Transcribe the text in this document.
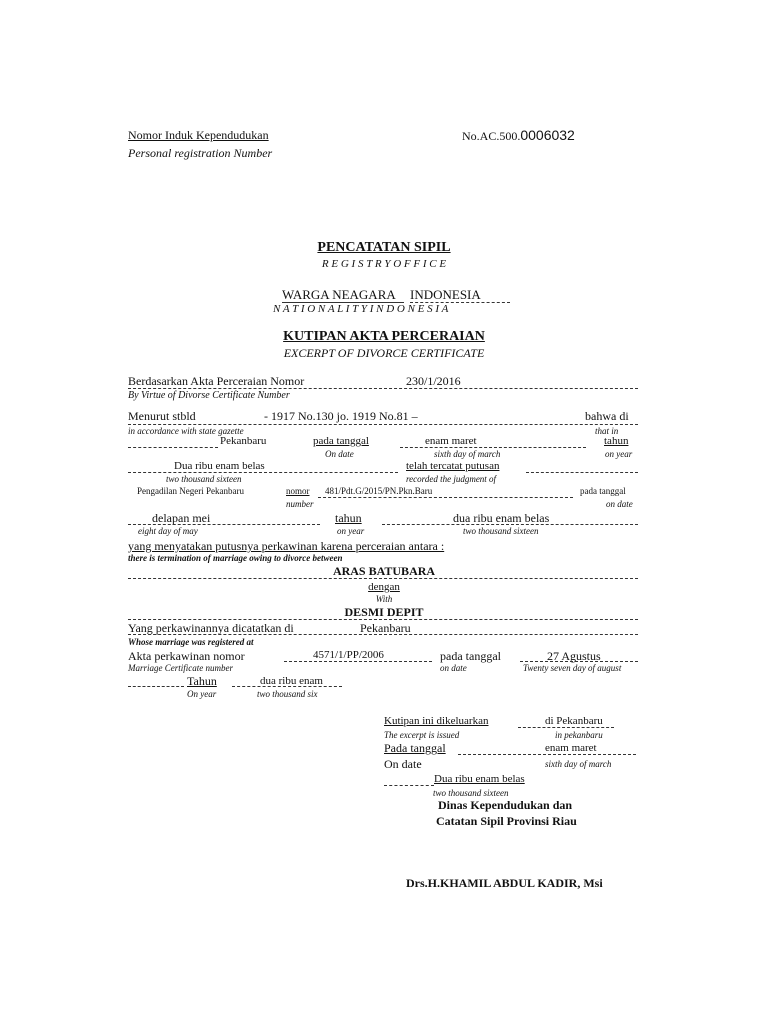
Nomor Induk Kependudukan
Personal registration Number
No.AC.500.0006032
PENCATATAN SIPIL
R E G I S T R Y O F F I C E
WARGA NEAGARA INDONESIA
N A T I O N A L I T Y I N D O N E S I A
KUTIPAN AKTA PERCERAIAN
EXCERPT OF DIVORCE CERTIFICATE
Berdasarkan Akta Perceraian Nomor	230/1/2016
By Virtue of Divorse Certificate Number
Menurut stbld	- 1917 No.130 jo. 1919 No.81 –	bahwa di
in accordance with state gazette	that in
Pekanbaru	pada tanggal	enam maret	tahun
On date	sixth day of march	on year
Dua ribu enam belas	telah tercatat putusan
two thousand sixteen	recorded the judgment of
Pengadilan Negeri Pekanbaru	nomor 481/Pdt.G/2015/PN.Pkn.Baru	pada tanggal
number	on date
delapan mei	tahun	dua ribu enam belas
eight day of may	on year	two thousand sixteen
yang menyatakan putusnya perkawinan karena perceraian antara :
there is termination of marriage owing to divorce between
ARAS BATUBARA
dengan
With
DESMI DEPIT
Yang perkawinannya dicatatkan di	Pekanbaru
Whose marriage was registered at
Akta perkawinan nomor	4571/1/PP/2006	pada tanggal	27 Agustus
Marriage Certificate number	on date	Twenty seven day of august
Tahun	dua ribu enam
On year	two thousand six
Kutipan ini dikeluarkan	di Pekanbaru
The excerpt is issued	in pekanbaru
Pada tanggal	enam maret
On date	sixth day of march
Dua ribu enam belas
two thousand sixteen
Dinas Kependudukan dan
Catatan Sipil Provinsi Riau
Drs.H.KHAMIL ABDUL KADIR, Msi
